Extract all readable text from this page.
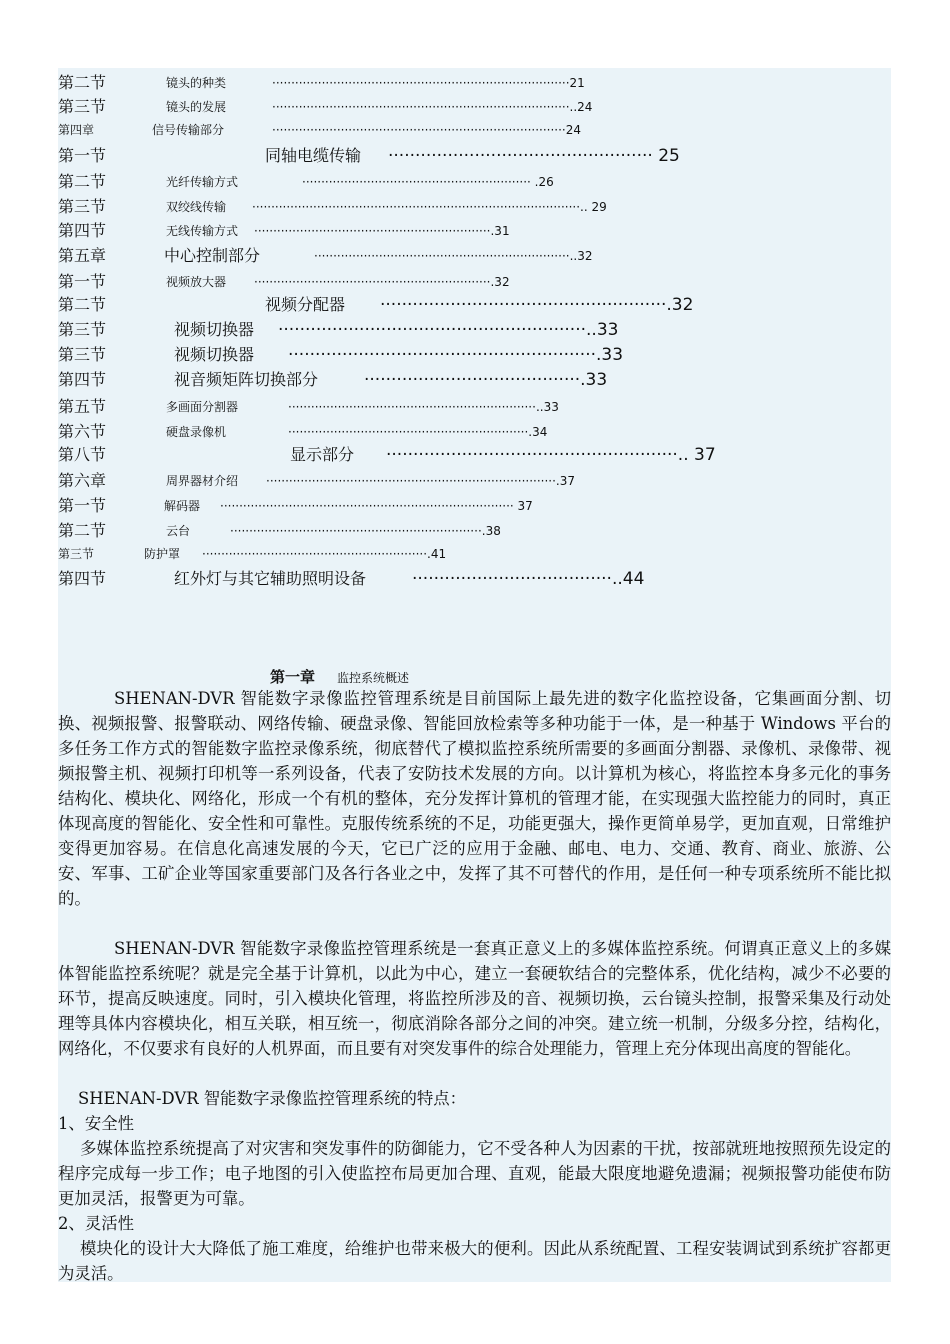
第二节	镜头的种类	··············································································21
第三节	镜头的发展	··············································································..24
第四章	信号传输部分	·············································································24
第一节	同轴电缆传输 ················································· 25
第二节	光纤传输方式	···························································· .26
第三节	双绞线传输 ······················································································.. 29
第四节	无线传输方式 ······························································.31
第五章	中心控制部分	···································································..32
第一节	视频放大器 ······························································.32
第二节	视频分配器 ·····················································.32
第三节	视频切换器 ·························································..33
第三节	视频切换器 ·························································.33
第四节	视音频矩阵切换部分	········································.33
第五节	多画面分割器	·································································..33
第六节	硬盘录像机	·······························································.34
第八节	显示部分 ······················································.. 37
第六章	周界器材介绍 ············································································.37
第一节	解码器 ············································································· 37
第二节	云台	··································································.38
第三节	防护罩 ···························································.41
第四节	红外灯与其它辅助照明设备	·····································..44
第一章 监控系统概述

SHENAN-DVR 智能数字录像监控管理系统是目前国际上最先进的数字化监控设备，它集画面分割、切换、视频报警、报警联动、网络传输、硬盘录像、智能回放检索等多种功能于一体，是一种基于 Windows 平台的多任务工作方式的智能数字监控录像系统，彻底替代了模拟监控系统所需要的多画面分割器、录像机、录像带、视频报警主机、视频打印机等一系列设备，代表了安防技术发展的方向。以计算机为核心，将监控本身多元化的事务结构化、模块化、网络化，形成一个有机的整体，充分发挥计算机的管理才能，在实现强大监控能力的同时，真正体现高度的智能化、安全性和可靠性。克服传统系统的不足，功能更强大，操作更简单易学，更加直观，日常维护变得更加容易。在信息化高速发展的今天，它已广泛的应用于金融、邮电、电力、交通、教育、商业、旅游、公安、军事、工矿企业等国家重要部门及各行各业之中，发挥了其不可替代的作用，是任何一种专项系统所不能比拟的。

SHENAN-DVR 智能数字录像监控管理系统是一套真正意义上的多媒体监控系统。何谓真正意义上的多媒体智能监控系统呢？就是完全基于计算机，以此为中心，建立一套硬软结合的完整体系，优化结构，减少不必要的环节，提高反映速度。同时，引入模块化管理，将监控所涉及的音、视频切换，云台镜头控制，报警采集及行动处理等具体内容模块化，相互关联，相互统一，彻底消除各部分之间的冲突。建立统一机制，分级多分控，结构化，网络化，不仅要求有良好的人机界面，而且要有对突发事件的综合处理能力，管理上充分体现出高度的智能化。

SHENAN-DVR 智能数字录像监控管理系统的特点：

1、安全性

多媒体监控系统提高了对灾害和突发事件的防御能力，它不受各种人为因素的干扰，按部就班地按照预先设定的程序完成每一步工作；电子地图的引入使监控布局更加合理、直观，能最大限度地避免遗漏；视频报警功能使布防更加灵活，报警更为可靠。

2、灵活性

模块化的设计大大降低了施工难度，给维护也带来极大的便利。因此从系统配置、工程安装调试到系统扩容都更为灵活。
